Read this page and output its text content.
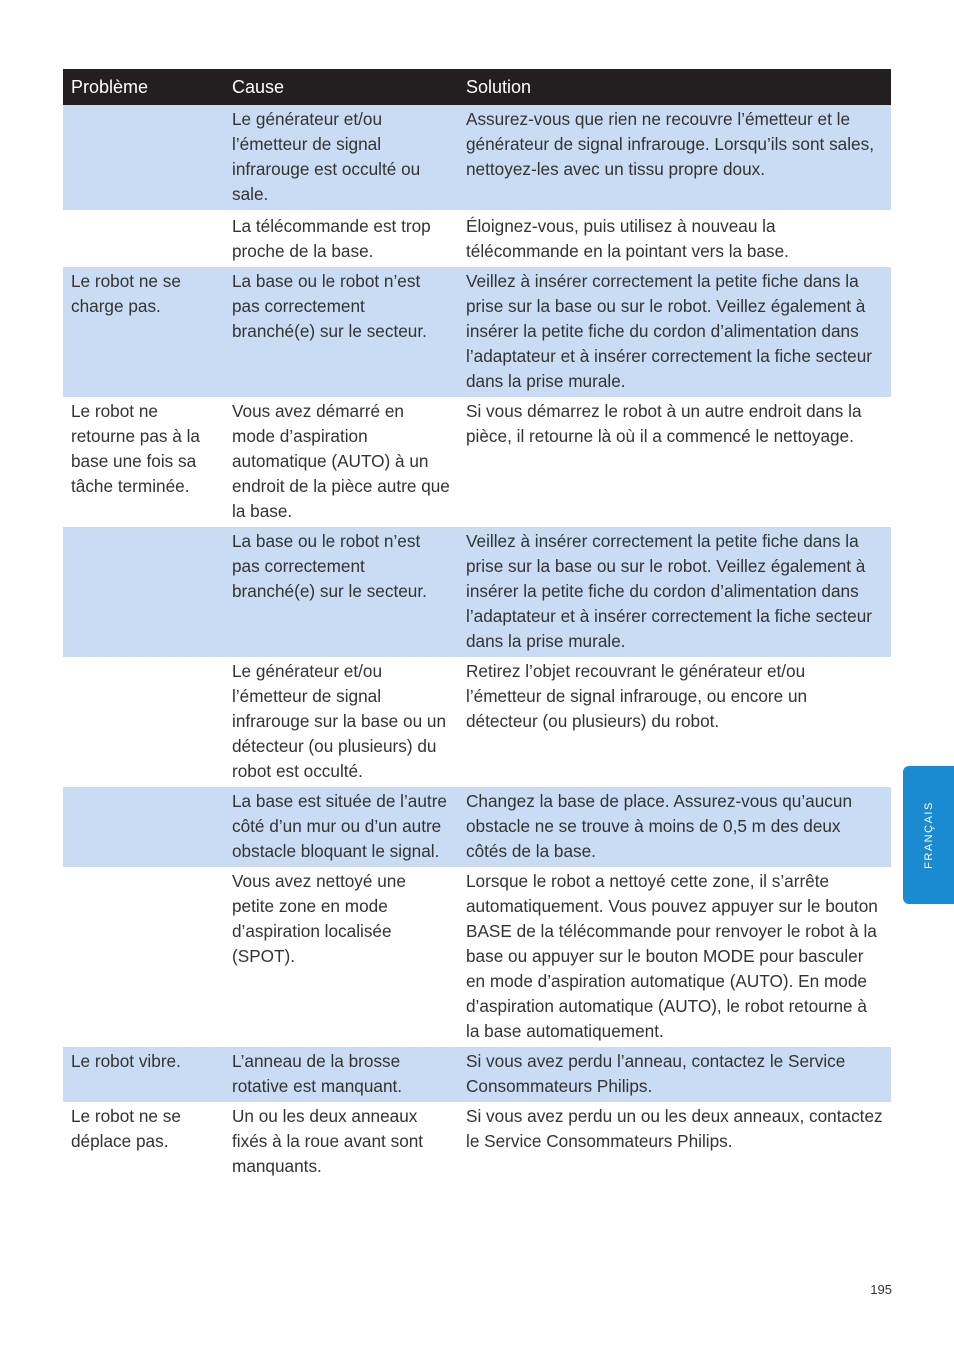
Problème	Cause	Solution
	Le générateur et/ou l’émetteur de signal infrarouge est occulté ou sale.	Assurez-vous que rien ne recouvre l’émetteur et le générateur de signal infrarouge. Lorsqu’ils sont sales, nettoyez-les avec un tissu propre doux.
	La télécommande est trop proche de la base.	Éloignez-vous, puis utilisez à nouveau la télécommande en la pointant vers la base.
Le robot ne se charge pas.	La base ou le robot n’est pas correctement branché(e) sur le secteur.	Veillez à insérer correctement la petite fiche dans la prise sur la base ou sur le robot. Veillez également à insérer la petite fiche du cordon d’alimentation dans l’adaptateur et à insérer correctement la fiche secteur dans la prise murale.
Le robot ne retourne pas à la base une fois sa tâche terminée.	Vous avez démarré en mode d’aspiration automatique (AUTO) à un endroit de la pièce autre que la base.	Si vous démarrez le robot à un autre endroit dans la pièce, il retourne là où il a commencé le nettoyage.
	La base ou le robot n’est pas correctement branché(e) sur le secteur.	Veillez à insérer correctement la petite fiche dans la prise sur la base ou sur le robot. Veillez également à insérer la petite fiche du cordon d’alimentation dans l’adaptateur et à insérer correctement la fiche secteur dans la prise murale.
	Le générateur et/ou l’émetteur de signal infrarouge sur la base ou un détecteur (ou plusieurs) du robot est occulté.	Retirez l’objet recouvrant le générateur et/ou l’émetteur de signal infrarouge, ou encore un détecteur (ou plusieurs) du robot.
	La base est située de l’autre côté d’un mur ou d’un autre obstacle bloquant le signal.	Changez la base de place. Assurez-vous qu’aucun obstacle ne se trouve à moins de 0,5 m des deux côtés de la base.
	Vous avez nettoyé une petite zone en mode d’aspiration localisée (SPOT).	Lorsque le robot a nettoyé cette zone, il s’arrête automatiquement. Vous pouvez appuyer sur le bouton BASE de la télécommande pour renvoyer le robot à la base ou appuyer sur le bouton MODE pour basculer en mode d’aspiration automatique (AUTO). En mode d’aspiration automatique (AUTO), le robot retourne à la base automatiquement.
Le robot vibre.	L’anneau de la brosse rotative est manquant.	Si vous avez perdu l’anneau, contactez le Service Consommateurs Philips.
Le robot ne se déplace pas.	Un ou les deux anneaux fixés à la roue avant sont manquants.	Si vous avez perdu un ou les deux anneaux, contactez le Service Consommateurs Philips.
FRANÇAIS
195
